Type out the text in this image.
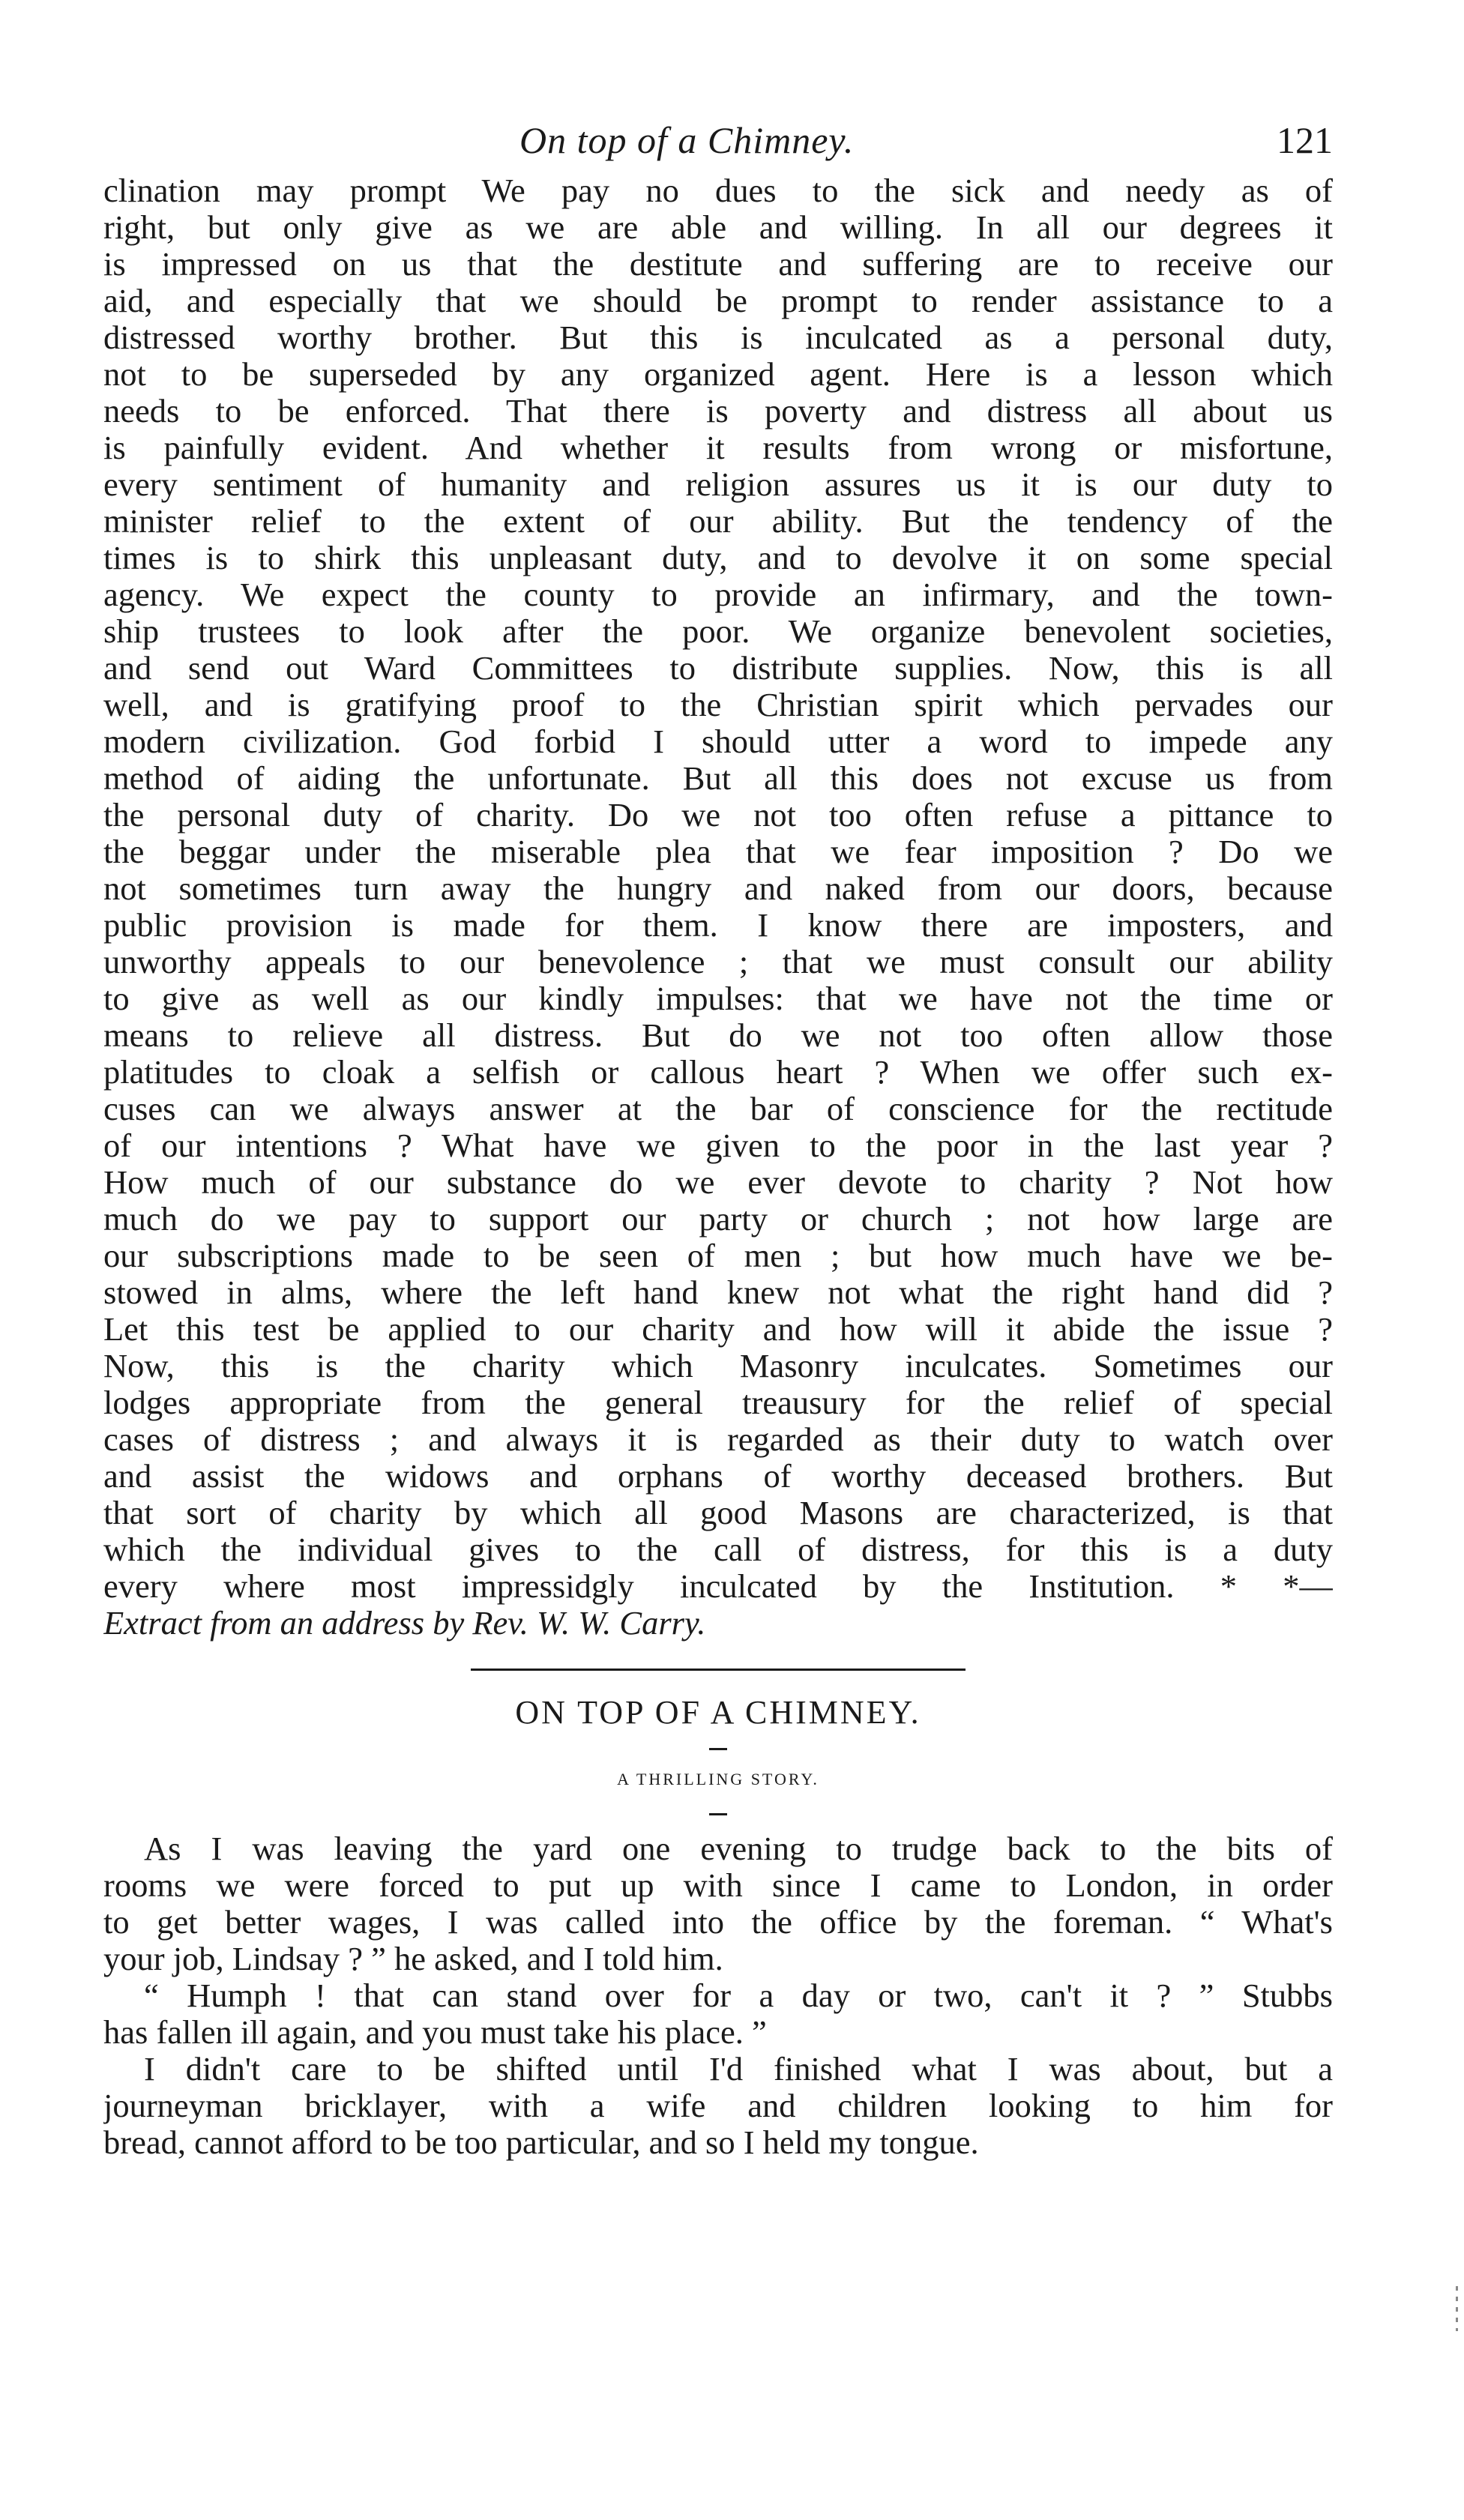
On top of a Chimney.	121
clination may prompt We pay no dues to the sick and needy as of
right, but only give as we are able and willing. In all our degrees it
is impressed on us that the destitute and suffering are to receive our
aid, and especially that we should be prompt to render assistance to a
distressed worthy brother. But this is inculcated as a personal duty,
not to be superseded by any organized agent. Here is a lesson which
needs to be enforced. That there is poverty and distress all about us
is painfully evident. And whether it results from wrong or misfortune,
every sentiment of humanity and religion assures us it is our duty to
minister relief to the extent of our ability. But the tendency of the
times is to shirk this unpleasant duty, and to devolve it on some special
agency. We expect the county to provide an infirmary, and the town-
ship trustees to look after the poor. We organize benevolent societies,
and send out Ward Committees to distribute supplies. Now, this is all
well, and is gratifying proof to the Christian spirit which pervades our
modern civilization. God forbid I should utter a word to impede any
method of aiding the unfortunate. But all this does not excuse us from
the personal duty of charity. Do we not too often refuse a pittance to
the beggar under the miserable plea that we fear imposition ? Do we
not sometimes turn away the hungry and naked from our doors, because
public provision is made for them. I know there are imposters, and
unworthy appeals to our benevolence ; that we must consult our ability
to give as well as our kindly impulses: that we have not the time or
means to relieve all distress. But do we not too often allow those
platitudes to cloak a selfish or callous heart ? When we offer such ex-
cuses can we always answer at the bar of conscience for the rectitude
of our intentions ? What have we given to the poor in the last year ?
How much of our substance do we ever devote to charity ? Not how
much do we pay to support our party or church ; not how large are
our subscriptions made to be seen of men ; but how much have we be-
stowed in alms, where the left hand knew not what the right hand did ?
Let this test be applied to our charity and how will it abide the issue ?
Now, this is the charity which Masonry inculcates. Sometimes our
lodges appropriate from the general treausury for the relief of special
cases of distress ; and always it is regarded as their duty to watch over
and assist the widows and orphans of worthy deceased brothers. But
that sort of charity by which all good Masons are characterized, is that
which the individual gives to the call of distress, for this is a duty
every where most impressidgly inculcated by the Institution. * *—
Extract from an address by Rev. W. W. Carry.
ON TOP OF A CHIMNEY.
A THRILLING STORY.

As I was leaving the yard one evening to trudge back to the bits of
rooms we were forced to put up with since I came to London, in order
to get better wages, I was called into the office by the foreman. “ What's
your job, Lindsay ? ” he asked, and I told him.

“ Humph ! that can stand over for a day or two, can't it ? ” Stubbs
has fallen ill again, and you must take his place. ”

I didn't care to be shifted until I'd finished what I was about, but a
journeyman bricklayer, with a wife and children looking to him for
bread, cannot afford to be too particular, and so I held my tongue.
